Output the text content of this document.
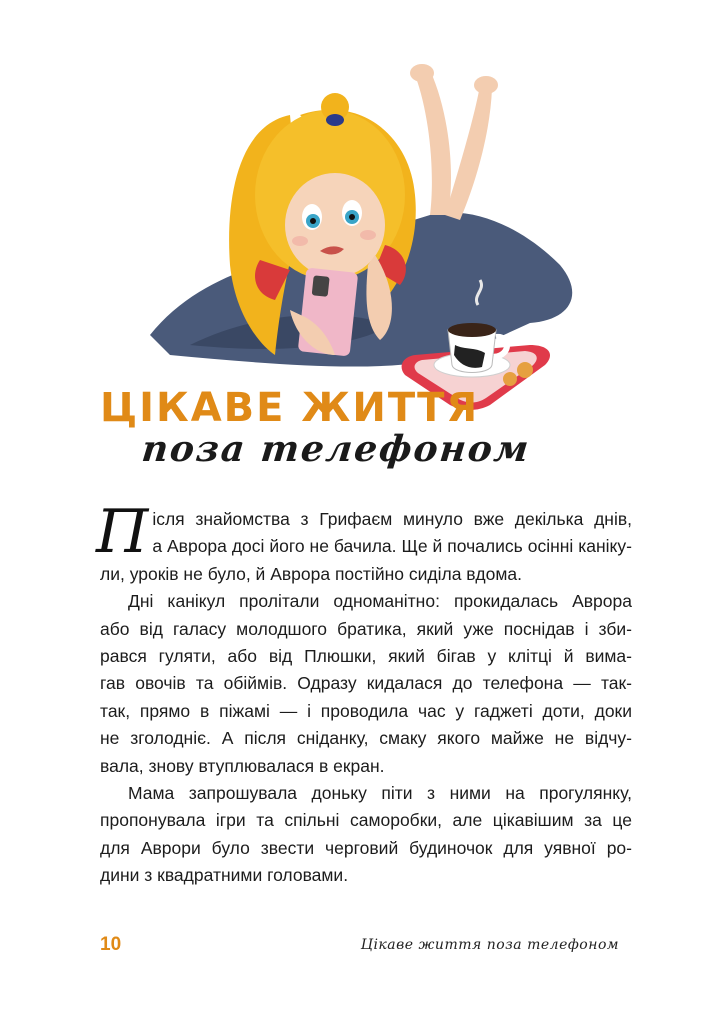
ЦІКАВЕ ЖИТТЯ
поза телефоном
П ісля знайомства з Грифаєм минуло вже декілька днів,
а Аврора досі його не бачила. Ще й почались осінні каніку-
ли, уроків не було, й Аврора постійно сиділа вдома.
Дні канікул пролітали одноманітно: прокидалась Аврора
або від галасу молодшого братика, який уже поснідав і зби-
рався гуляти, або від Плюшки, який бігав у клітці й вима-
гав овочів та обіймів. Одразу кидалася до телефона — так-
так, прямо в піжамі — і проводила час у гаджеті доти, доки
не зголодніє. А після сніданку, смаку якого майже не відчу-
вала, знову втуплювалася в екран.
Мама запрошувала доньку піти з ними на прогулянку,
пропонувала ігри та спільні саморобки, але цікавішим за це
для Аврори було звести черговий будиночок для уявної ро-
дини з квадратними головами.
10	Цікаве життя поза телефоном
